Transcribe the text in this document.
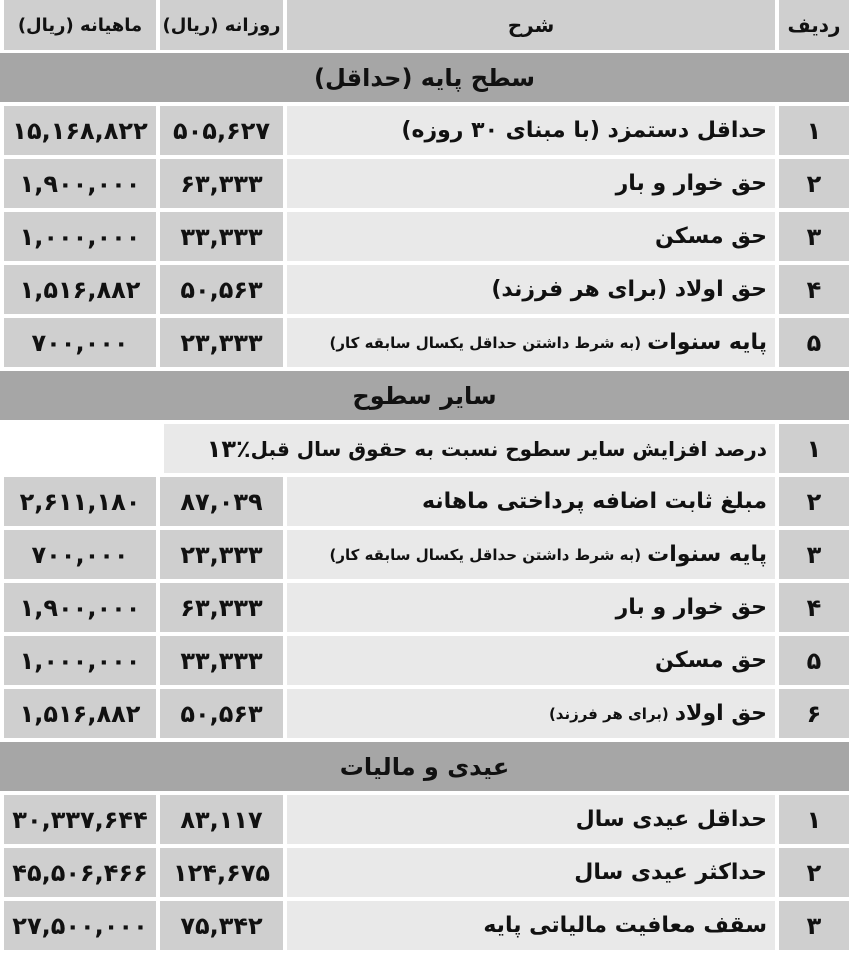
ردیف
شرح
روزانه (ریال)
ماهیانه (ریال)
سطح پایه (حداقل)
۱
حداقل دستمزد (با مبنای ۳۰ روزه)
۵۰۵,۶۲۷
۱۵,۱۶۸,۸۲۲
۲
حق خوار و بار
۶۳,۳۳۳
۱,۹۰۰,۰۰۰
۳
حق مسکن
۳۳,۳۳۳
۱,۰۰۰,۰۰۰
۴
حق اولاد (برای هر فرزند)
۵۰,۵۶۳
۱,۵۱۶,۸۸۲
۵
پایه سنوات
(به شرط داشتن حداقل یکسال سابقه کار)
۲۳,۳۳۳
۷۰۰,۰۰۰
سایر سطوح
۱
درصد افزایش سایر سطوح نسبت به حقوق سال قبل
۱۳٪
۲
مبلغ ثابت اضافه پرداختی ماهانه
۸۷,۰۳۹
۲,۶۱۱,۱۸۰
۳
پایه سنوات
(به شرط داشتن حداقل یکسال سابقه کار)
۲۳,۳۳۳
۷۰۰,۰۰۰
۴
حق خوار و بار
۶۳,۳۳۳
۱,۹۰۰,۰۰۰
۵
حق مسکن
۳۳,۳۳۳
۱,۰۰۰,۰۰۰
۶
حق اولاد
(برای هر فرزند)
۵۰,۵۶۳
۱,۵۱۶,۸۸۲
عیدی و مالیات
۱
حداقل عیدی سال
۸۳,۱۱۷
۳۰,۳۳۷,۶۴۴
۲
حداکثر عیدی سال
۱۲۴,۶۷۵
۴۵,۵۰۶,۴۶۶
۳
سقف معافیت مالیاتی پایه
۷۵,۳۴۲
۲۷,۵۰۰,۰۰۰
